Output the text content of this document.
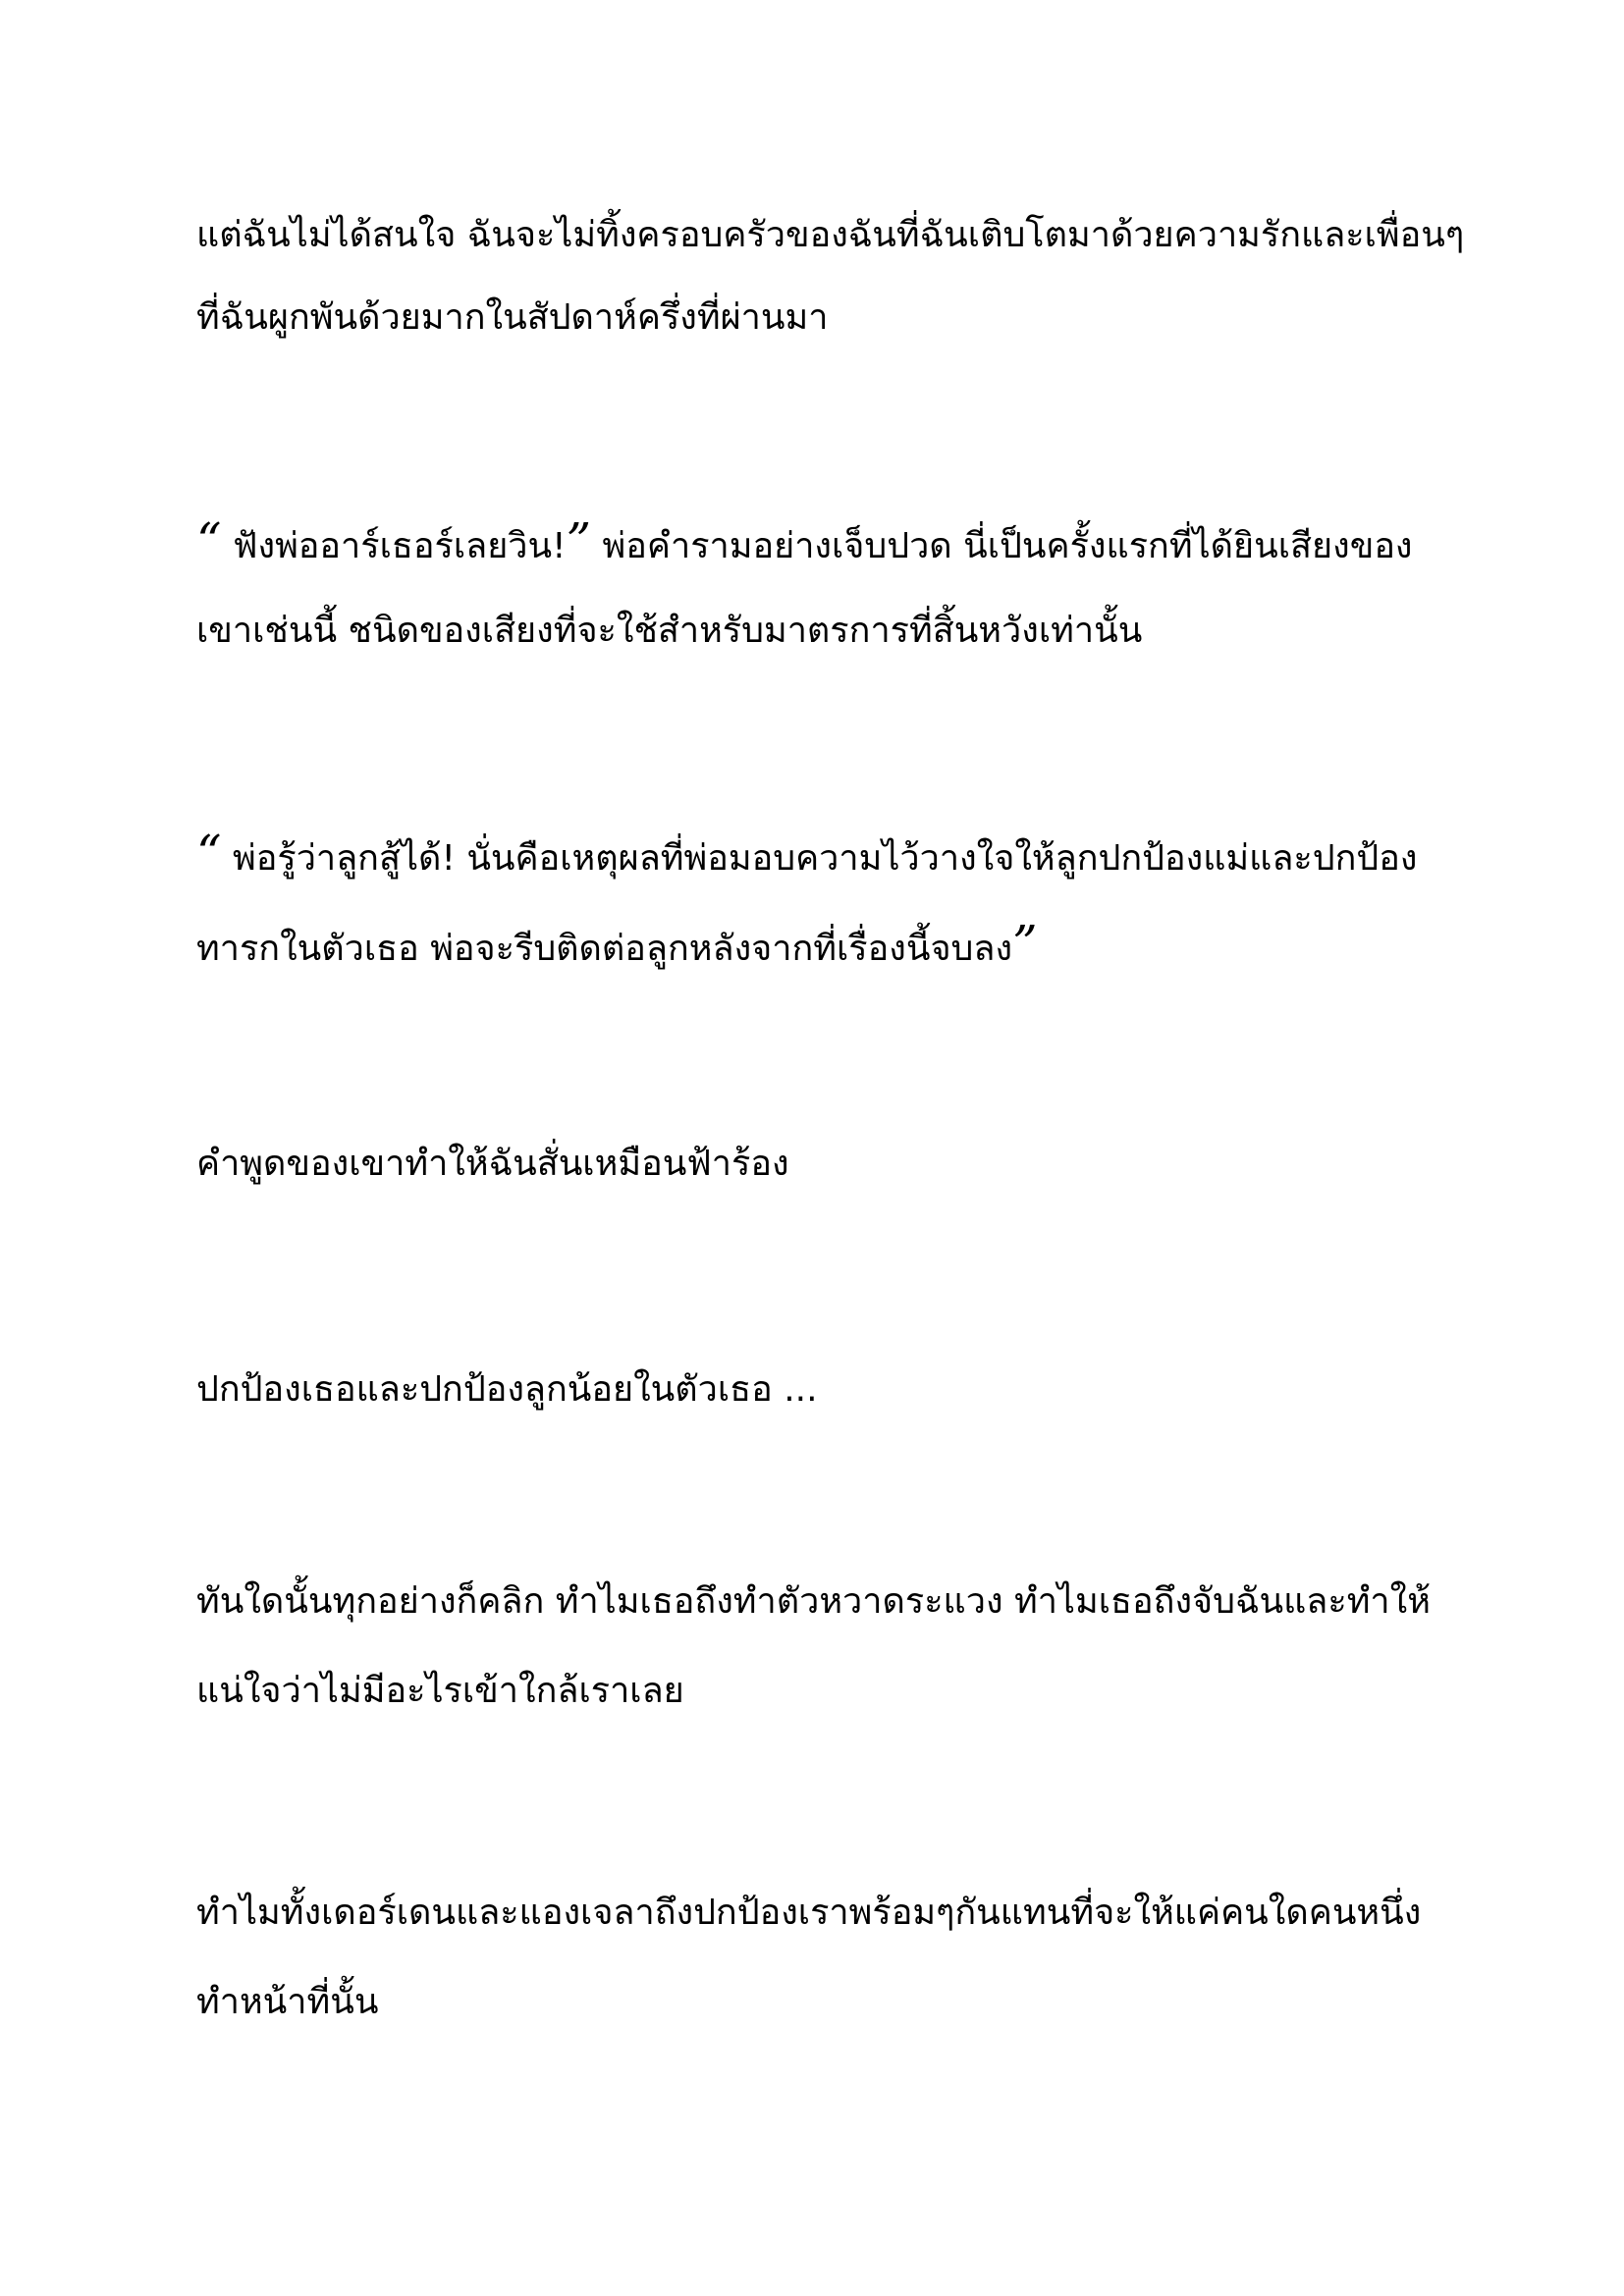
แต่ฉันไม่ได้สนใจ ฉันจะไม่ทิ้งครอบครัวของฉันที่ฉันเติบโตมาด้วยความรักและเพื่อนๆ

ที่ฉันผูกพันด้วยมากในสัปดาห์ครึ่งที่ผ่านมา

“ ฟังพ่ออาร์เธอร์เลยวิน!” พ่อคำรามอย่างเจ็บปวด นี่เป็นครั้งแรกที่ได้ยินเสียงของ

เขาเช่นนี้ ชนิดของเสียงที่จะใช้สำหรับมาตรการที่สิ้นหวังเท่านั้น

“ พ่อรู้ว่าลูกสู้ได้! นั่นคือเหตุผลที่พ่อมอบความไว้วางใจให้ลูกปกป้องแม่และปกป้อง

ทารกในตัวเธอ พ่อจะรีบติดต่อลูกหลังจากที่เรื่องนี้จบลง”

คำพูดของเขาทำให้ฉันสั่นเหมือนฟ้าร้อง

ปกป้องเธอและปกป้องลูกน้อยในตัวเธอ ...

ทันใดนั้นทุกอย่างก็คลิก ทำไมเธอถึงทำตัวหวาดระแวง ทำไมเธอถึงจับฉันและทำให้

แน่ใจว่าไม่มีอะไรเข้าใกล้เราเลย

ทำไมทั้งเดอร์เดนและแองเจลาถึงปกป้องเราพร้อมๆกันแทนที่จะให้แค่คนใดคนหนึ่ง

ทำหน้าที่นั้น
